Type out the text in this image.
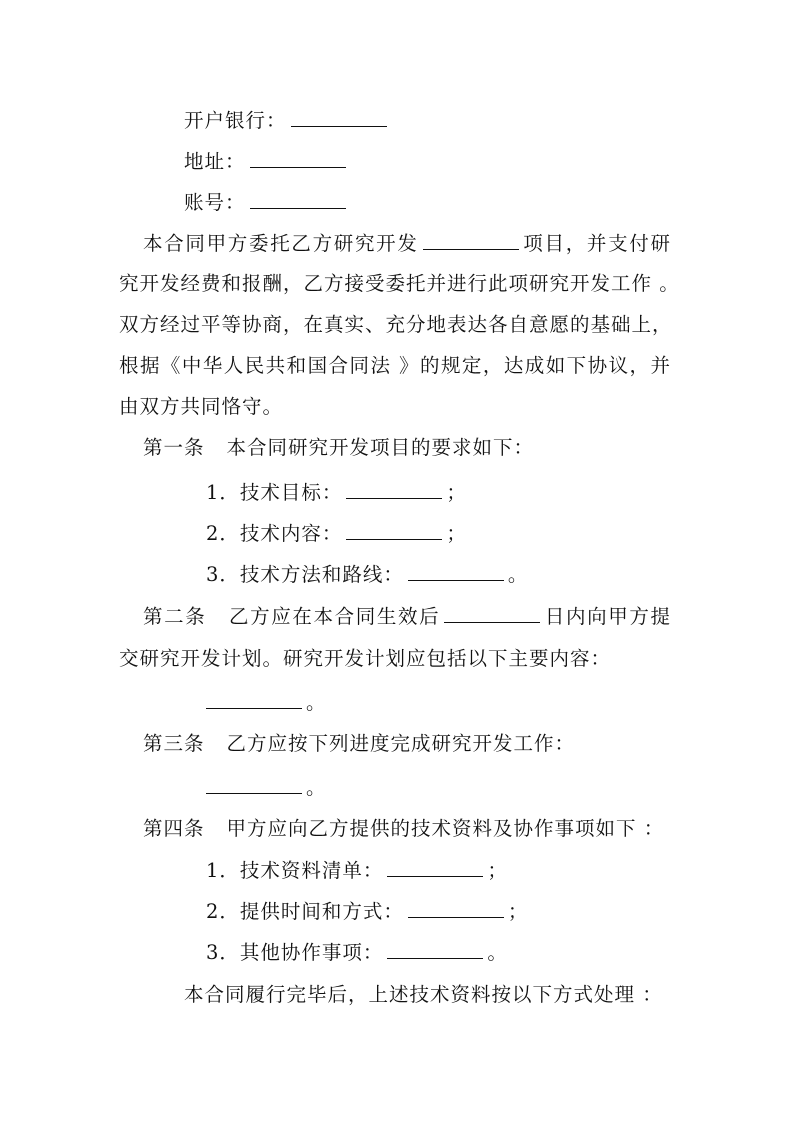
开户银行：
地址：
账号：
本合同甲方委托乙方研究开发	项目，并支付研
究开发经费和报酬，乙方接受委托并进行此项研究开发工作 。
双方经过平等协商，在真实、充分地表达各自意愿的基础上，
根据《中华人民共和国合同法 》的规定，达成如下协议，并
由双方共同恪守。
第一条 本合同研究开发项目的要求如下：
1．技术目标：	；
2．技术内容：	；
3．技术方法和路线：	。
第二条 乙方应在本合同生效后	日内向甲方提
交研究开发计划。研究开发计划应包括以下主要内容：
。
第三条 乙方应按下列进度完成研究开发工作：
。
第四条 甲方应向乙方提供的技术资料及协作事项如下 ：
1．技术资料清单：	；
2．提供时间和方式：	；
3．其他协作事项：	。
本合同履行完毕后，上述技术资料按以下方式处理 ：
